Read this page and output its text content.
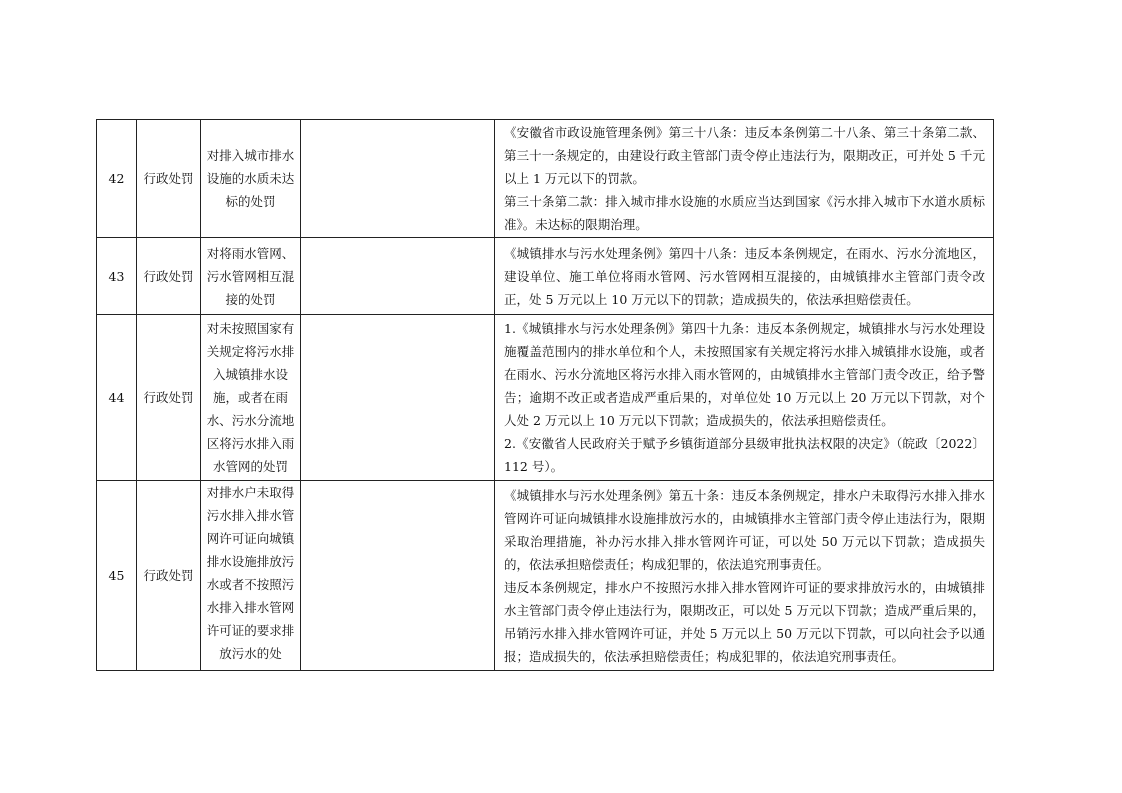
42	行政处罚	对排入城市排水设施的水质未达标的处罚		《安徽省市政设施管理条例》第三十八条：违反本条例第二十八条、第三十条第二款、第三十一条规定的，由建设行政主管部门责令停止违法行为，限期改正，可并处 5 千元以上 1 万元以下的罚款。

第三十条第二款：排入城市排水设施的水质应当达到国家《污水排入城市下水道水质标准》。未达标的限期治理。

43	行政处罚	对将雨水管网、污水管网相互混接的处罚		《城镇排水与污水处理条例》第四十八条：违反本条例规定，在雨水、污水分流地区，建设单位、施工单位将雨水管网、污水管网相互混接的，由城镇排水主管部门责令改正，处 5 万元以上 10 万元以下的罚款；造成损失的，依法承担赔偿责任。

44	行政处罚	对未按照国家有关规定将污水排入城镇排水设施，或者在雨水、污水分流地区将污水排入雨水管网的处罚		1.《城镇排水与污水处理条例》第四十九条：违反本条例规定，城镇排水与污水处理设施覆盖范围内的排水单位和个人，未按照国家有关规定将污水排入城镇排水设施，或者在雨水、污水分流地区将污水排入雨水管网的，由城镇排水主管部门责令改正，给予警告；逾期不改正或者造成严重后果的，对单位处 10 万元以上 20 万元以下罚款，对个人处 2 万元以上 10 万元以下罚款；造成损失的，依法承担赔偿责任。

2.《安徽省人民政府关于赋予乡镇街道部分县级审批执法权限的决定》（皖政〔2022〕112 号）。

45	行政处罚	对排水户未取得污水排入排水管网许可证向城镇排水设施排放污水或者不按照污水排入排水管网许可证的要求排放污水的处		《城镇排水与污水处理条例》第五十条：违反本条例规定，排水户未取得污水排入排水管网许可证向城镇排水设施排放污水的，由城镇排水主管部门责令停止违法行为，限期采取治理措施，补办污水排入排水管网许可证，可以处 50 万元以下罚款；造成损失的，依法承担赔偿责任；构成犯罪的，依法追究刑事责任。

违反本条例规定，排水户不按照污水排入排水管网许可证的要求排放污水的，由城镇排水主管部门责令停止违法行为，限期改正，可以处 5 万元以下罚款；造成严重后果的，吊销污水排入排水管网许可证，并处 5 万元以上 50 万元以下罚款，可以向社会予以通报；造成损失的，依法承担赔偿责任；构成犯罪的，依法追究刑事责任。
